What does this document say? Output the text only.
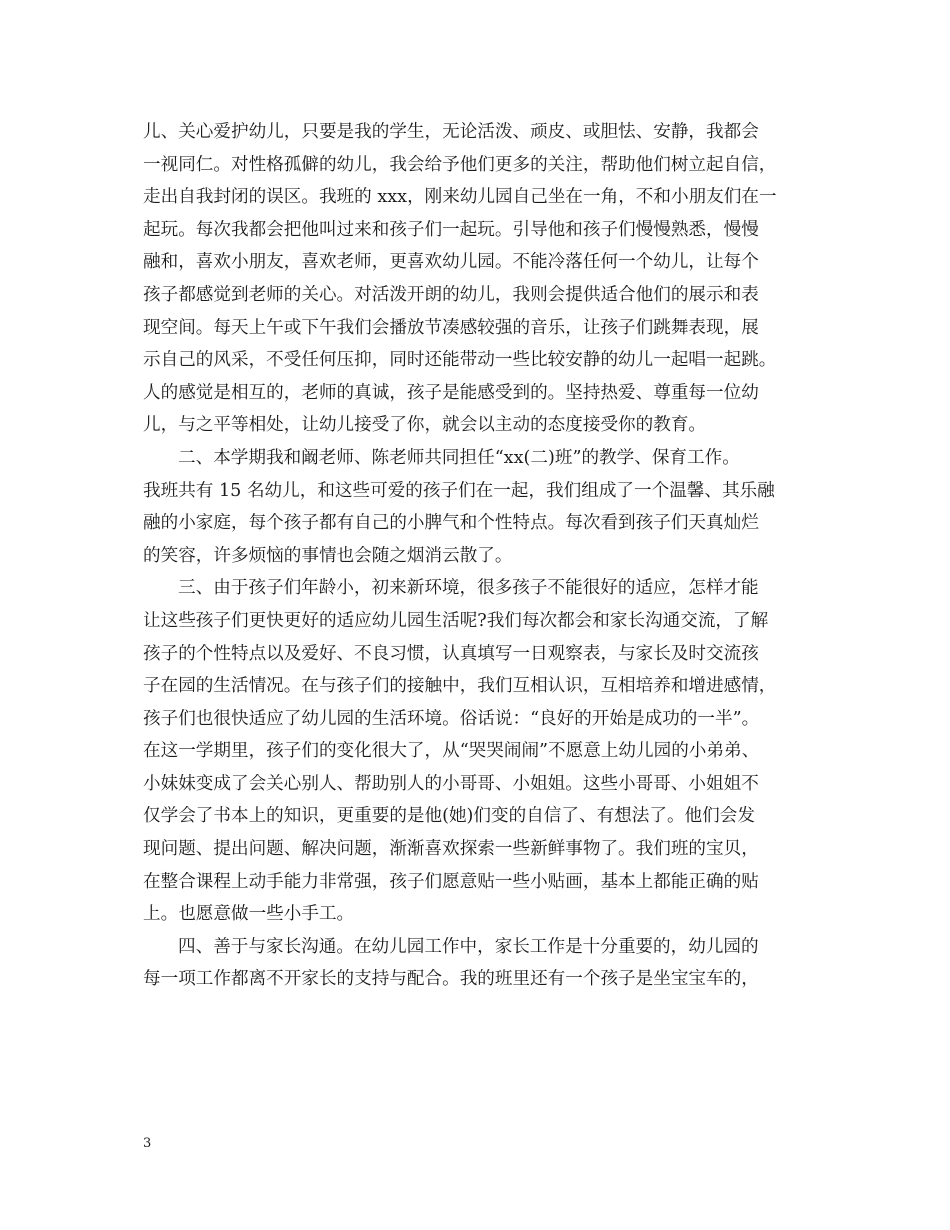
儿、关心爱护幼儿，只要是我的学生，无论活泼、顽皮、或胆怯、安静，我都会
一视同仁。对性格孤僻的幼儿，我会给予他们更多的关注，帮助他们树立起自信，
走出自我封闭的误区。我班的 xxx，刚来幼儿园自己坐在一角，不和小朋友们在一
起玩。每次我都会把他叫过来和孩子们一起玩。引导他和孩子们慢慢熟悉，慢慢
融和，喜欢小朋友，喜欢老师，更喜欢幼儿园。不能冷落任何一个幼儿，让每个
孩子都感觉到老师的关心。对活泼开朗的幼儿，我则会提供适合他们的展示和表
现空间。每天上午或下午我们会播放节凑感较强的音乐，让孩子们跳舞表现，展
示自己的风采，不受任何压抑，同时还能带动一些比较安静的幼儿一起唱一起跳。
人的感觉是相互的，老师的真诚，孩子是能感受到的。坚持热爱、尊重每一位幼
儿，与之平等相处，让幼儿接受了你，就会以主动的态度接受你的教育。
二、本学期我和阚老师、陈老师共同担任“xx(二)班”的教学、保育工作。
我班共有 15 名幼儿，和这些可爱的孩子们在一起，我们组成了一个温馨、其乐融
融的小家庭，每个孩子都有自己的小脾气和个性特点。每次看到孩子们天真灿烂
的笑容，许多烦恼的事情也会随之烟消云散了。
三、由于孩子们年龄小，初来新环境，很多孩子不能很好的适应，怎样才能
让这些孩子们更快更好的适应幼儿园生活呢?我们每次都会和家长沟通交流，了解
孩子的个性特点以及爱好、不良习惯，认真填写一日观察表，与家长及时交流孩
子在园的生活情况。在与孩子们的接触中，我们互相认识，互相培养和增进感情，
孩子们也很快适应了幼儿园的生活环境。俗话说：“良好的开始是成功的一半”。
在这一学期里，孩子们的变化很大了，从“哭哭闹闹”不愿意上幼儿园的小弟弟、
小妹妹变成了会关心别人、帮助别人的小哥哥、小姐姐。这些小哥哥、小姐姐不
仅学会了书本上的知识，更重要的是他(她)们变的自信了、有想法了。他们会发
现问题、提出问题、解决问题，渐渐喜欢探索一些新鲜事物了。我们班的宝贝，
在整合课程上动手能力非常强，孩子们愿意贴一些小贴画，基本上都能正确的贴
上。也愿意做一些小手工。
四、善于与家长沟通。在幼儿园工作中，家长工作是十分重要的，幼儿园的
每一项工作都离不开家长的支持与配合。我的班里还有一个孩子是坐宝宝车的，
3
